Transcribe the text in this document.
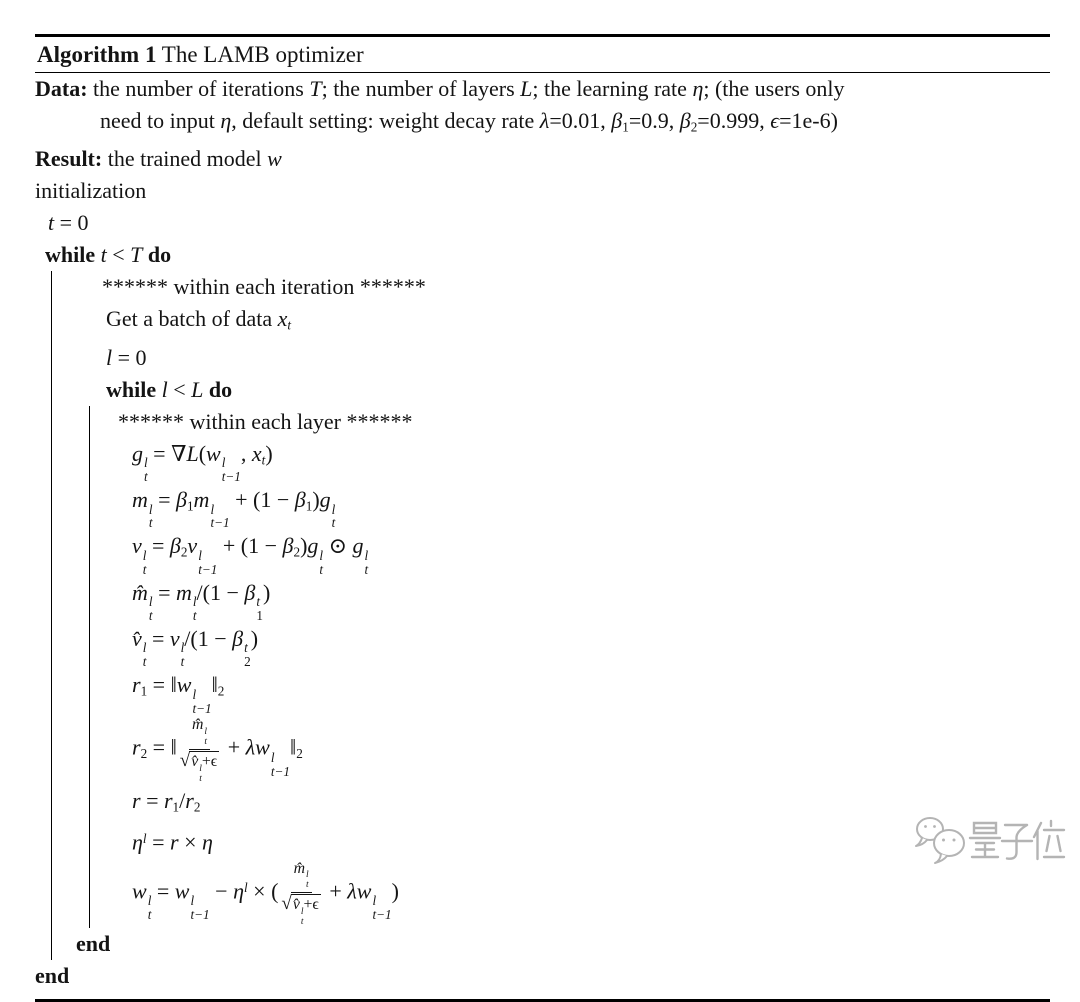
Algorithm 1 The LAMB optimizer
Data: the number of iterations T; the number of layers L; the learning rate η; (the users only
need to input η, default setting: weight decay rate λ=0.01, β1=0.9, β2=0.999, ϵ=1e-6)
Result: the trained model w
initialization
t = 0
while t < T do
****** within each iteration ******
Get a batch of data xt
l = 0
while l < L do
****** within each layer ******
g l
t
= ∇L(w l
t−1
, xt)
m l
t
= β1m l
t−1
+ (1 − β1)g l
t
v l
t
= β2v l
t−1
+ (1 − β2)g l
t
⊙ g l
t
m̂ l
t
= m l
t
/(1 − β t
1
)
v̂ l
t
= v l
t
/(1 − β t
2
)
r1 = ‖w l
t−1
‖2
r2 = ‖ m̂ l
t
√ v̂ l
t
+ϵ + λw l
t−1
‖2
r = r1/r2
$\eta^l = r \times \eta$
w l
t
= w l
t−1
− $\eta^l$ × ( m̂ l
t
√ v̂ l
t
+ϵ + λw l
t−1
)
end
end
